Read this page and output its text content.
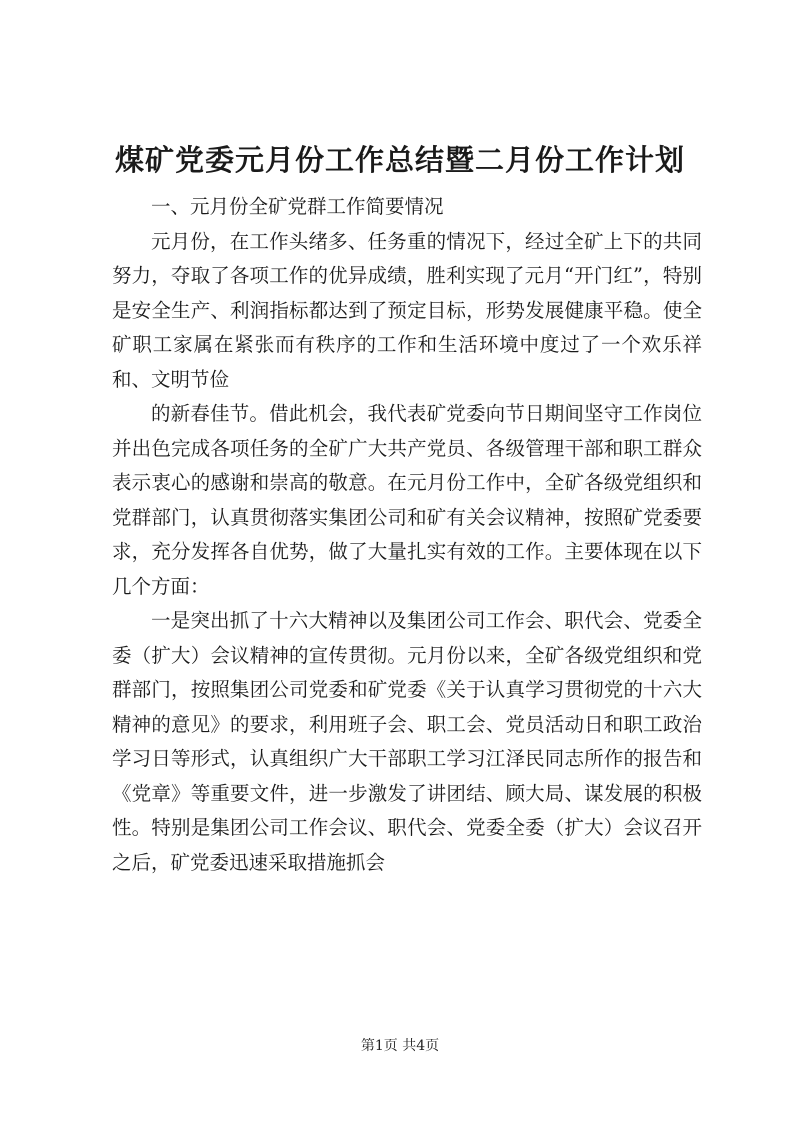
煤矿党委元月份工作总结暨二月份工作计划

一、元月份全矿党群工作简要情况

元月份，在工作头绪多、任务重的情况下，经过全矿上下的共同努力，夺取了各项工作的优异成绩，胜利实现了元月“开门红”，特别是安全生产、利润指标都达到了预定目标，形势发展健康平稳。使全矿职工家属在紧张而有秩序的工作和生活环境中度过了一个欢乐祥和、文明节俭

的新春佳节。借此机会，我代表矿党委向节日期间坚守工作岗位并出色完成各项任务的全矿广大共产党员、各级管理干部和职工群众表示衷心的感谢和崇高的敬意。在元月份工作中，全矿各级党组织和党群部门，认真贯彻落实集团公司和矿有关会议精神，按照矿党委要求，充分发挥各自优势，做了大量扎实有效的工作。主要体现在以下几个方面：

一是突出抓了十六大精神以及集团公司工作会、职代会、党委全委（扩大）会议精神的宣传贯彻。元月份以来，全矿各级党组织和党群部门，按照集团公司党委和矿党委《关于认真学习贯彻党的十六大精神的意见》的要求，利用班子会、职工会、党员活动日和职工政治学习日等形式，认真组织广大干部职工学习江泽民同志所作的报告和《党章》等重要文件，进一步激发了讲团结、顾大局、谋发展的积极性。特别是集团公司工作会议、职代会、党委全委（扩大）会议召开之后，矿党委迅速采取措施抓会

第1页 共4页
